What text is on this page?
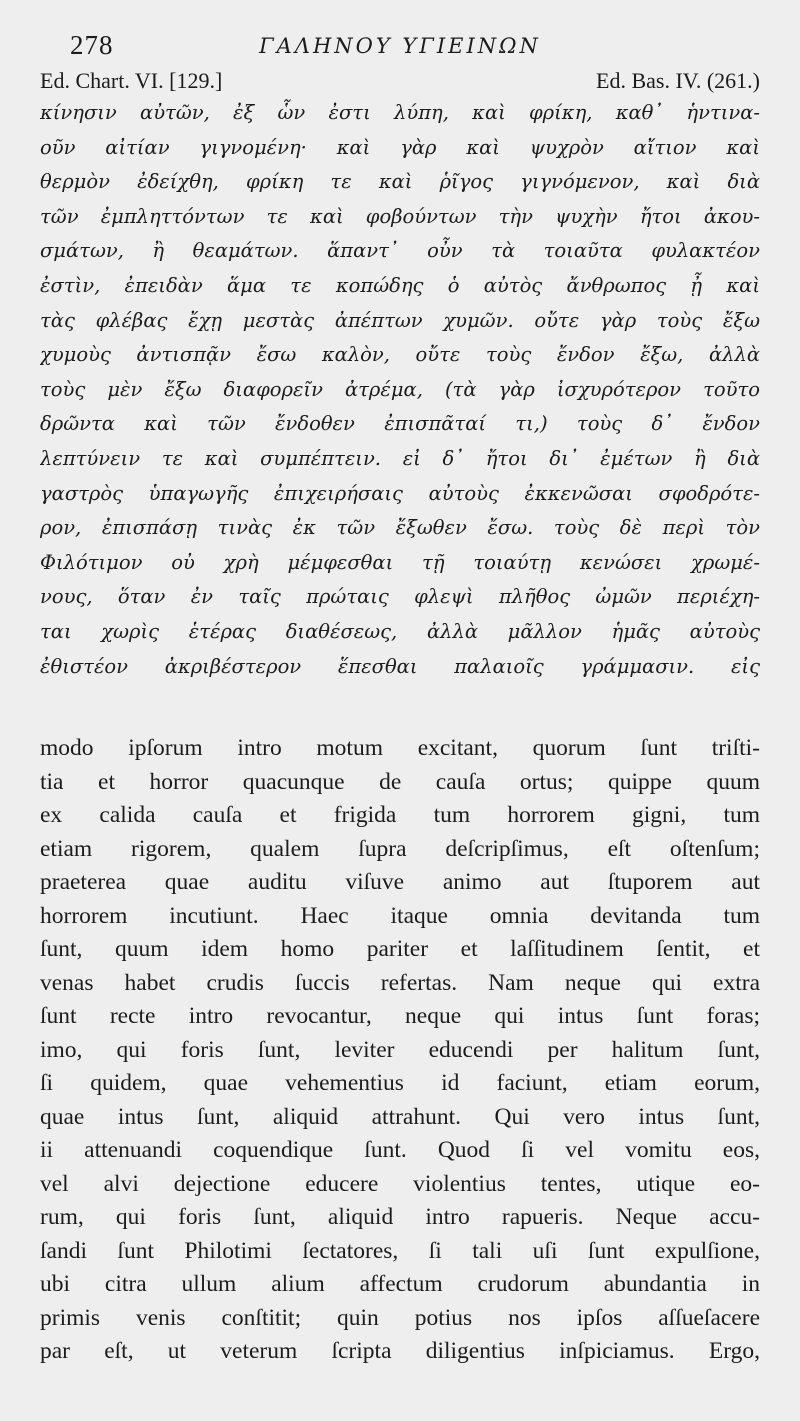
278	ΓΑΛΗΝΟΥ ΥΓΙΕΙΝΩΝ
Ed. Chart. VI. [129.]	Ed. Bas. IV. (261.)
κίνησιν αὐτῶν, ἐξ ὧν ἐστι λύπη, καὶ φρίκη, καθ᾽ ἡντινα-
οῦν αἰτίαν γιγνομένη· καὶ γὰρ καὶ ψυχρὸν αἴτιον καὶ
θερμὸν ἐδείχθη, φρίκη τε καὶ ῥῖγος γιγνόμενον, καὶ διὰ
τῶν ἐμπληττόντων τε καὶ φοβούντων τὴν ψυχὴν ἤτοι ἀκου-
σμάτων, ἢ θεαμάτων. ἅπαντ᾽ οὖν τὰ τοιαῦτα φυλακτέον
ἐστὶν, ἐπειδὰν ἅμα τε κοπώδης ὁ αὐτὸς ἄνθρωπος ᾖ καὶ
τὰς φλέβας ἔχῃ μεστὰς ἀπέπτων χυμῶν. οὔτε γὰρ τοὺς ἔξω
χυμοὺς ἀντισπᾷν ἔσω καλὸν, οὔτε τοὺς ἔνδον ἔξω, ἀλλὰ
τοὺς μὲν ἔξω διαφορεῖν ἀτρέμα, (τὰ γὰρ ἰσχυρότερον τοῦτο
δρῶντα καὶ τῶν ἔνδοθεν ἐπισπᾶταί τι,) τοὺς δ᾽ ἔνδον
λεπτύνειν τε καὶ συμπέπτειν. εἰ δ᾽ ἤτοι δι᾽ ἐμέτων ἢ διὰ
γαστρὸς ὑπαγωγῆς ἐπιχειρήσαις αὐτοὺς ἐκκενῶσαι σφοδρότε-
ρον, ἐπισπάσῃ τινὰς ἐκ τῶν ἔξωθεν ἔσω. τοὺς δὲ περὶ τὸν
Φιλότιμον οὐ χρὴ μέμφεσθαι τῇ τοιαύτῃ κενώσει χρωμέ-
νους, ὅταν ἐν ταῖς πρώταις φλεψὶ πλῆθος ὠμῶν περιέχη-
ται χωρὶς ἑτέρας διαθέσεως, ἀλλὰ μᾶλλον ἡμᾶς αὐτοὺς
ἐθιστέον ἀκριβέστερον ἕπεσθαι παλαιοῖς γράμμασιν. εἰς
modo ipſorum intro motum excitant, quorum ſunt triſti-
tia et horror quacunque de cauſa ortus; quippe quum
ex calida cauſa et frigida tum horrorem gigni, tum
etiam rigorem, qualem ſupra deſcripſimus, eſt oſtenſum;
praeterea quae auditu viſuve animo aut ſtuporem aut
horrorem incutiunt. Haec itaque omnia devitanda tum
ſunt, quum idem homo pariter et laſſitudinem ſentit, et
venas habet crudis ſuccis refertas. Nam neque qui extra
ſunt recte intro revocantur, neque qui intus ſunt foras;
imo, qui foris ſunt, leviter educendi per halitum ſunt,
ſi quidem, quae vehementius id faciunt, etiam eorum,
quae intus ſunt, aliquid attrahunt. Qui vero intus ſunt,
ii attenuandi coquendique ſunt. Quod ſi vel vomitu eos,
vel alvi dejectione educere violentius tentes, utique eo-
rum, qui foris ſunt, aliquid intro rapueris. Neque accu-
ſandi ſunt Philotimi ſectatores, ſi tali uſi ſunt expulſione,
ubi citra ullum alium affectum crudorum abundantia in
primis venis conſtitit; quin potius nos ipſos aſſueſacere
par eſt, ut veterum ſcripta diligentius inſpiciamus. Ergo,
